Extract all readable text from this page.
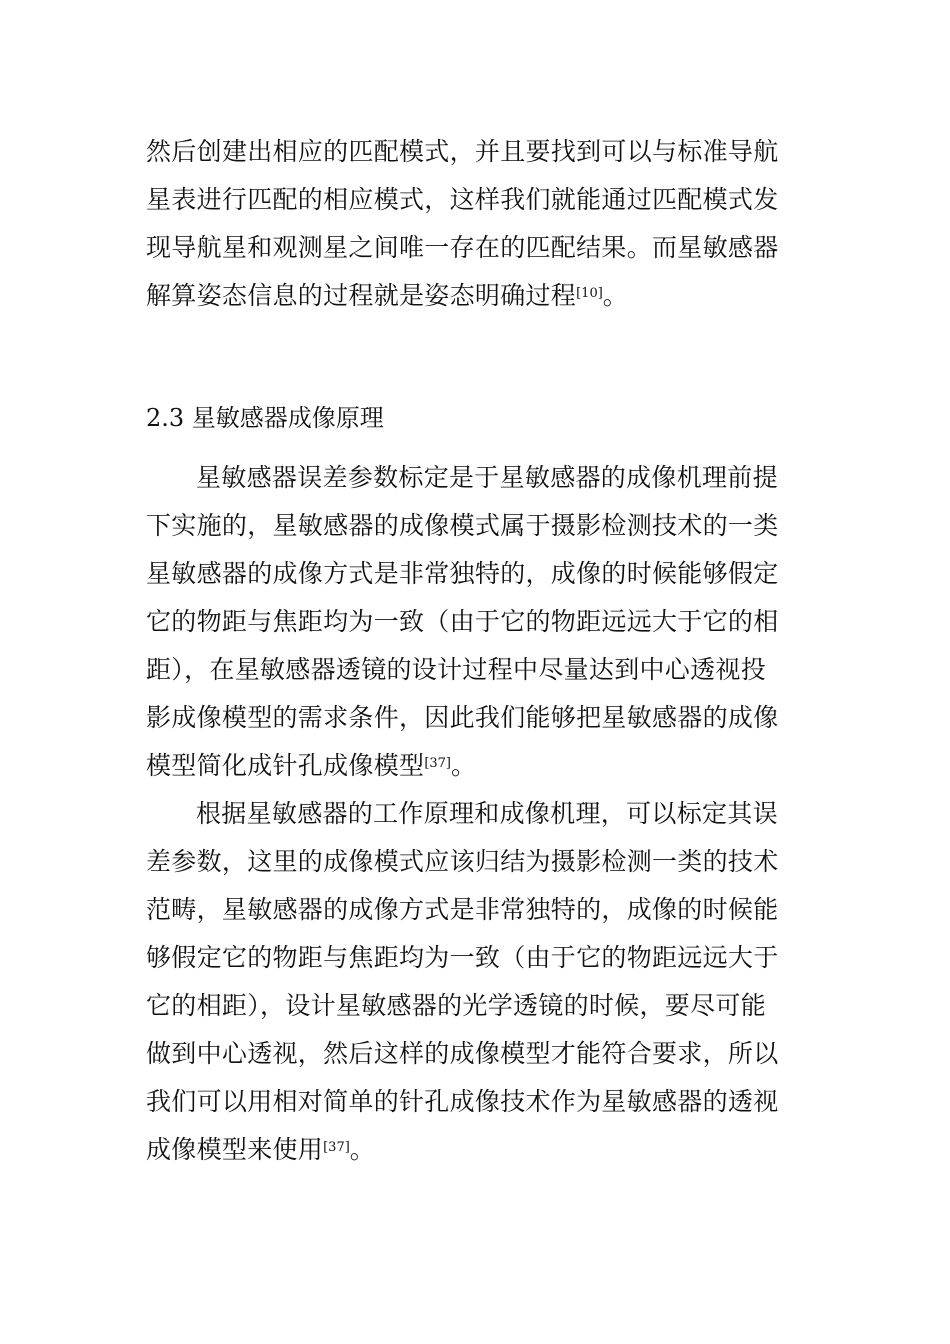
然后创建出相应的匹配模式，并且要找到可以与标准导航
星表进行匹配的相应模式，这样我们就能通过匹配模式发
现导航星和观测星之间唯一存在的匹配结果。而星敏感器
解算姿态信息的过程就是姿态明确过程[10]。

2.3 星敏感器成像原理

星敏感器误差参数标定是于星敏感器的成像机理前提
下实施的，星敏感器的成像模式属于摄影检测技术的一类
星敏感器的成像方式是非常独特的，成像的时候能够假定
它的物距与焦距均为一致（由于它的物距远远大于它的相
距），在星敏感器透镜的设计过程中尽量达到中心透视投
影成像模型的需求条件，因此我们能够把星敏感器的成像
模型简化成针孔成像模型[37]。

根据星敏感器的工作原理和成像机理，可以标定其误
差参数，这里的成像模式应该归结为摄影检测一类的技术
范畴，星敏感器的成像方式是非常独特的，成像的时候能
够假定它的物距与焦距均为一致（由于它的物距远远大于
它的相距），设计星敏感器的光学透镜的时候，要尽可能
做到中心透视，然后这样的成像模型才能符合要求，所以
我们可以用相对简单的针孔成像技术作为星敏感器的透视
成像模型来使用[37]。
